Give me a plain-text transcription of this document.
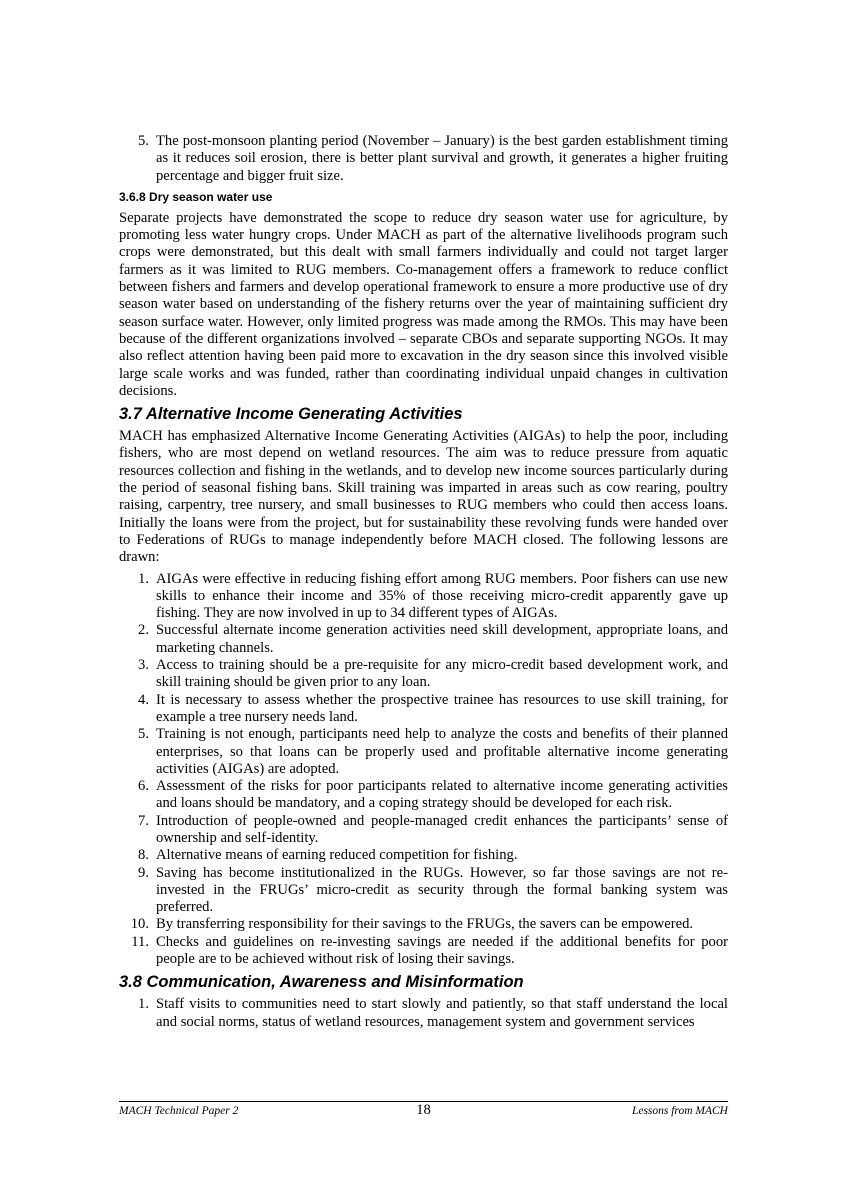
5. The post-monsoon planting period (November – January) is the best garden establishment timing as it reduces soil erosion, there is better plant survival and growth, it generates a higher fruiting percentage and bigger fruit size.
3.6.8 Dry season water use

Separate projects have demonstrated the scope to reduce dry season water use for agriculture, by promoting less water hungry crops. Under MACH as part of the alternative livelihoods program such crops were demonstrated, but this dealt with small farmers individually and could not target larger farmers as it was limited to RUG members. Co-management offers a framework to reduce conflict between fishers and farmers and develop operational framework to ensure a more productive use of dry season water based on understanding of the fishery returns over the year of maintaining sufficient dry season surface water. However, only limited progress was made among the RMOs. This may have been because of the different organizations involved – separate CBOs and separate supporting NGOs. It may also reflect attention having been paid more to excavation in the dry season since this involved visible large scale works and was funded, rather than coordinating individual unpaid changes in cultivation decisions.

3.7 Alternative Income Generating Activities

MACH has emphasized Alternative Income Generating Activities (AIGAs) to help the poor, including fishers, who are most depend on wetland resources. The aim was to reduce pressure from aquatic resources collection and fishing in the wetlands, and to develop new income sources particularly during the period of seasonal fishing bans. Skill training was imparted in areas such as cow rearing, poultry raising, carpentry, tree nursery, and small businesses to RUG members who could then access loans. Initially the loans were from the project, but for sustainability these revolving funds were handed over to Federations of RUGs to manage independently before MACH closed. The following lessons are drawn:

1. AIGAs were effective in reducing fishing effort among RUG members. Poor fishers can use new skills to enhance their income and 35% of those receiving micro-credit apparently gave up fishing. They are now involved in up to 34 different types of AIGAs.
2. Successful alternate income generation activities need skill development, appropriate loans, and marketing channels.
3. Access to training should be a pre-requisite for any micro-credit based development work, and skill training should be given prior to any loan.
4. It is necessary to assess whether the prospective trainee has resources to use skill training, for example a tree nursery needs land.
5. Training is not enough, participants need help to analyze the costs and benefits of their planned enterprises, so that loans can be properly used and profitable alternative income generating activities (AIGAs) are adopted.
6. Assessment of the risks for poor participants related to alternative income generating activities and loans should be mandatory, and a coping strategy should be developed for each risk.
7. Introduction of people-owned and people-managed credit enhances the participants’ sense of ownership and self-identity.
8. Alternative means of earning reduced competition for fishing.
9. Saving has become institutionalized in the RUGs. However, so far those savings are not re-invested in the FRUGs’ micro-credit as security through the formal banking system was preferred.
10. By transferring responsibility for their savings to the FRUGs, the savers can be empowered.
11. Checks and guidelines on re-investing savings are needed if the additional benefits for poor people are to be achieved without risk of losing their savings.
3.8 Communication, Awareness and Misinformation
1. Staff visits to communities need to start slowly and patiently, so that staff understand the local and social norms, status of wetland resources, management system and government services
MACH Technical Paper 2	18	Lessons from MACH
